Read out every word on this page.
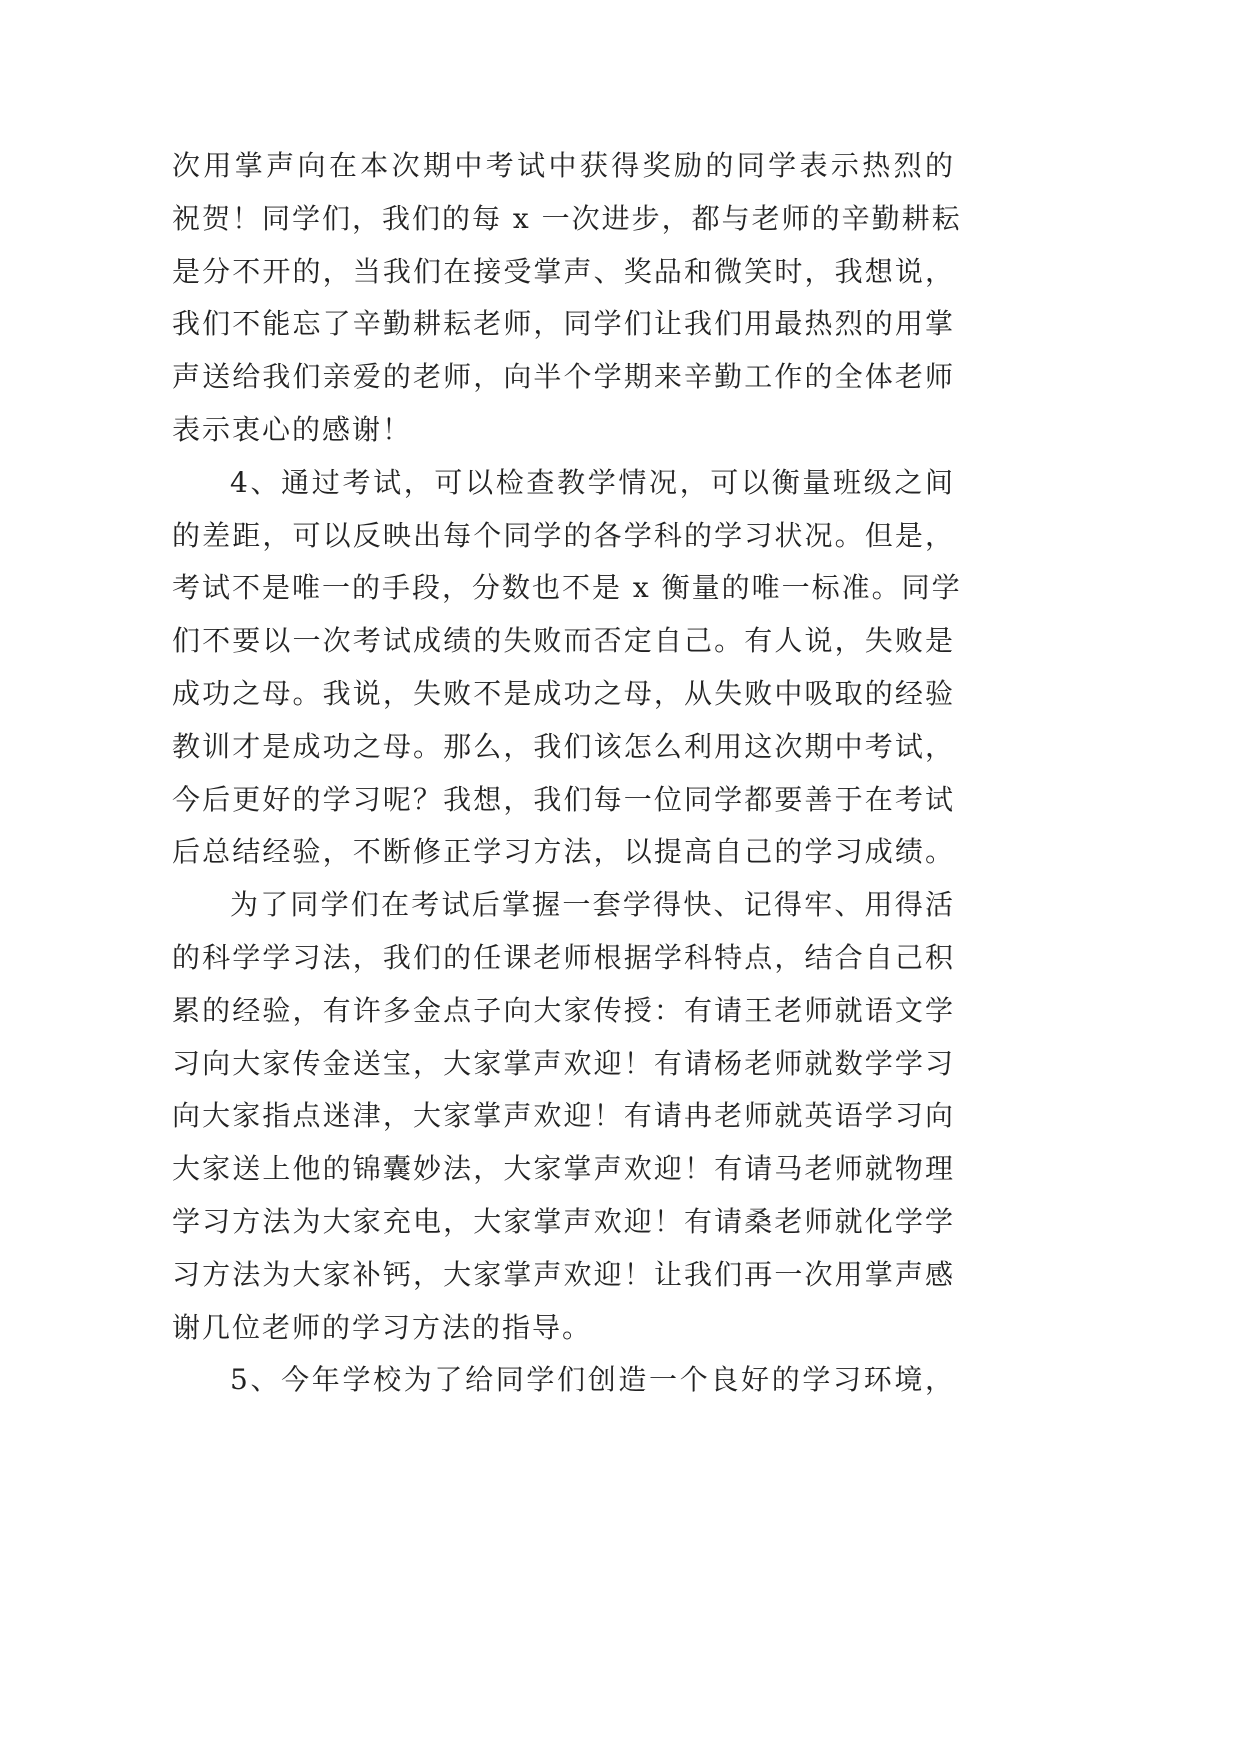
次用掌声向在本次期中考试中获得奖励的同学表示热烈的
祝贺！同学们，我们的每 x 一次进步，都与老师的辛勤耕耘
是分不开的，当我们在接受掌声、奖品和微笑时，我想说，
我们不能忘了辛勤耕耘老师，同学们让我们用最热烈的用掌
声送给我们亲爱的老师，向半个学期来辛勤工作的全体老师
表示衷心的感谢！
4、通过考试，可以检查教学情况，可以衡量班级之间
的差距，可以反映出每个同学的各学科的学习状况。但是，
考试不是唯一的手段，分数也不是 x 衡量的唯一标准。同学
们不要以一次考试成绩的失败而否定自己。有人说，失败是
成功之母。我说，失败不是成功之母，从失败中吸取的经验
教训才是成功之母。那么，我们该怎么利用这次期中考试，
今后更好的学习呢？我想，我们每一位同学都要善于在考试
后总结经验，不断修正学习方法，以提高自己的学习成绩。
为了同学们在考试后掌握一套学得快、记得牢、用得活
的科学学习法，我们的任课老师根据学科特点，结合自己积
累的经验，有许多金点子向大家传授：有请王老师就语文学
习向大家传金送宝，大家掌声欢迎！有请杨老师就数学学习
向大家指点迷津，大家掌声欢迎！有请冉老师就英语学习向
大家送上他的锦囊妙法，大家掌声欢迎！有请马老师就物理
学习方法为大家充电，大家掌声欢迎！有请桑老师就化学学
习方法为大家补钙，大家掌声欢迎！让我们再一次用掌声感
谢几位老师的学习方法的指导。
5、今年学校为了给同学们创造一个良好的学习环境，
